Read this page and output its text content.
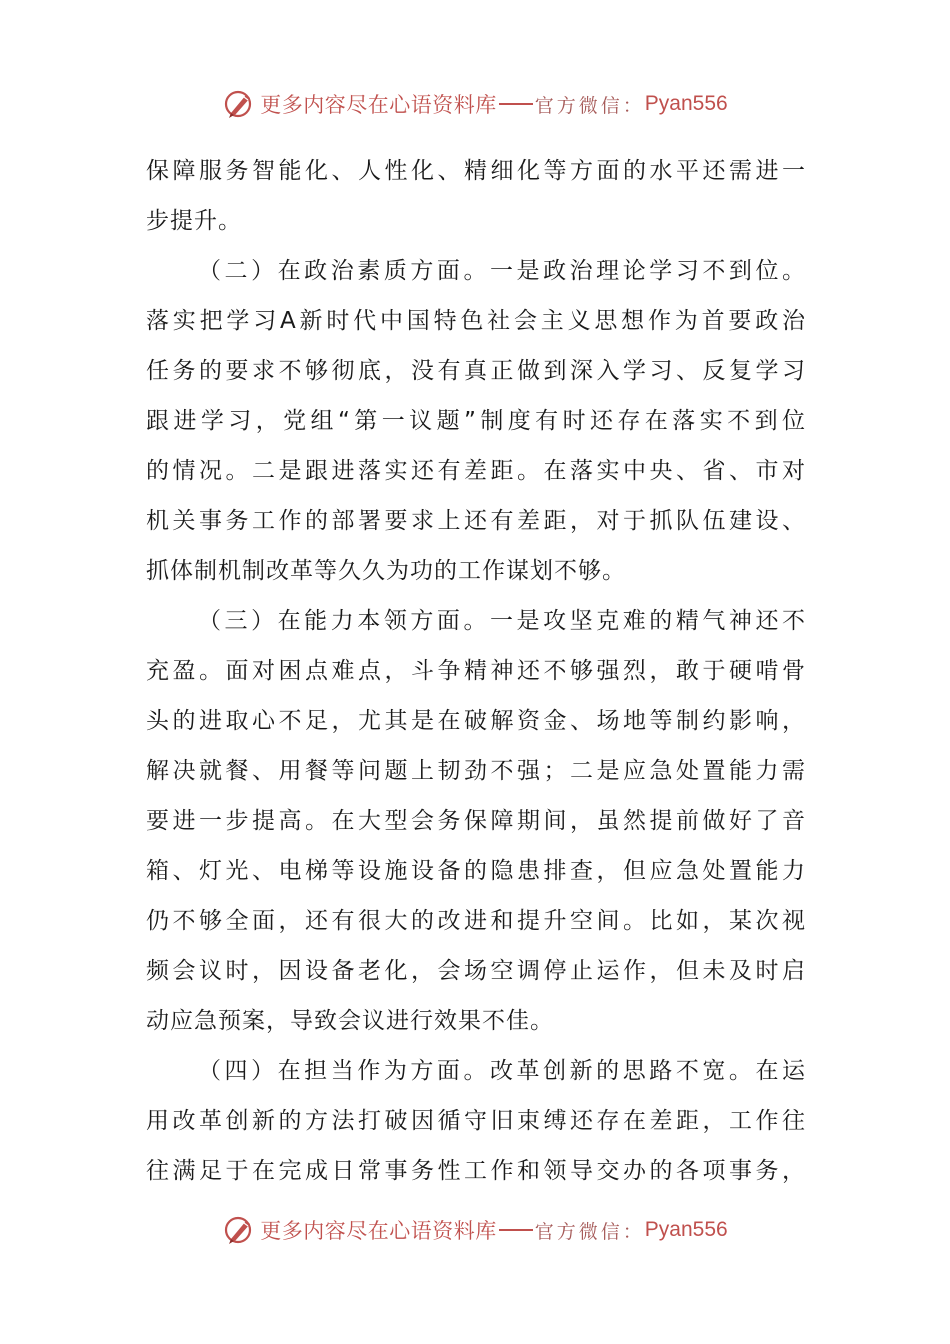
更多内容尽在心语资料库 官方微信： Pyan556
保障服务智能化、人性化、精细化等方面的水平还需进一
步提升。
（二）在政治素质方面。一是政治理论学习不到位。
落实把学习A新时代中国特色社会主义思想作为首要政治
任务的要求不够彻底，没有真正做到深入学习、反复学习
跟进学习，党组“第一议题”制度有时还存在落实不到位
的情况。二是跟进落实还有差距。在落实中央、省、市对
机关事务工作的部署要求上还有差距，对于抓队伍建设、
抓体制机制改革等久久为功的工作谋划不够。
（三）在能力本领方面。一是攻坚克难的精气神还不
充盈。面对困点难点，斗争精神还不够强烈，敢于硬啃骨
头的进取心不足，尤其是在破解资金、场地等制约影响，
解决就餐、用餐等问题上韧劲不强；二是应急处置能力需
要进一步提高。在大型会务保障期间，虽然提前做好了音
箱、灯光、电梯等设施设备的隐患排查，但应急处置能力
仍不够全面，还有很大的改进和提升空间。比如，某次视
频会议时，因设备老化，会场空调停止运作，但未及时启
动应急预案，导致会议进行效果不佳。
（四）在担当作为方面。改革创新的思路不宽。在运
用改革创新的方法打破因循守旧束缚还存在差距，工作往
往满足于在完成日常事务性工作和领导交办的各项事务，
更多内容尽在心语资料库 官方微信： Pyan556
